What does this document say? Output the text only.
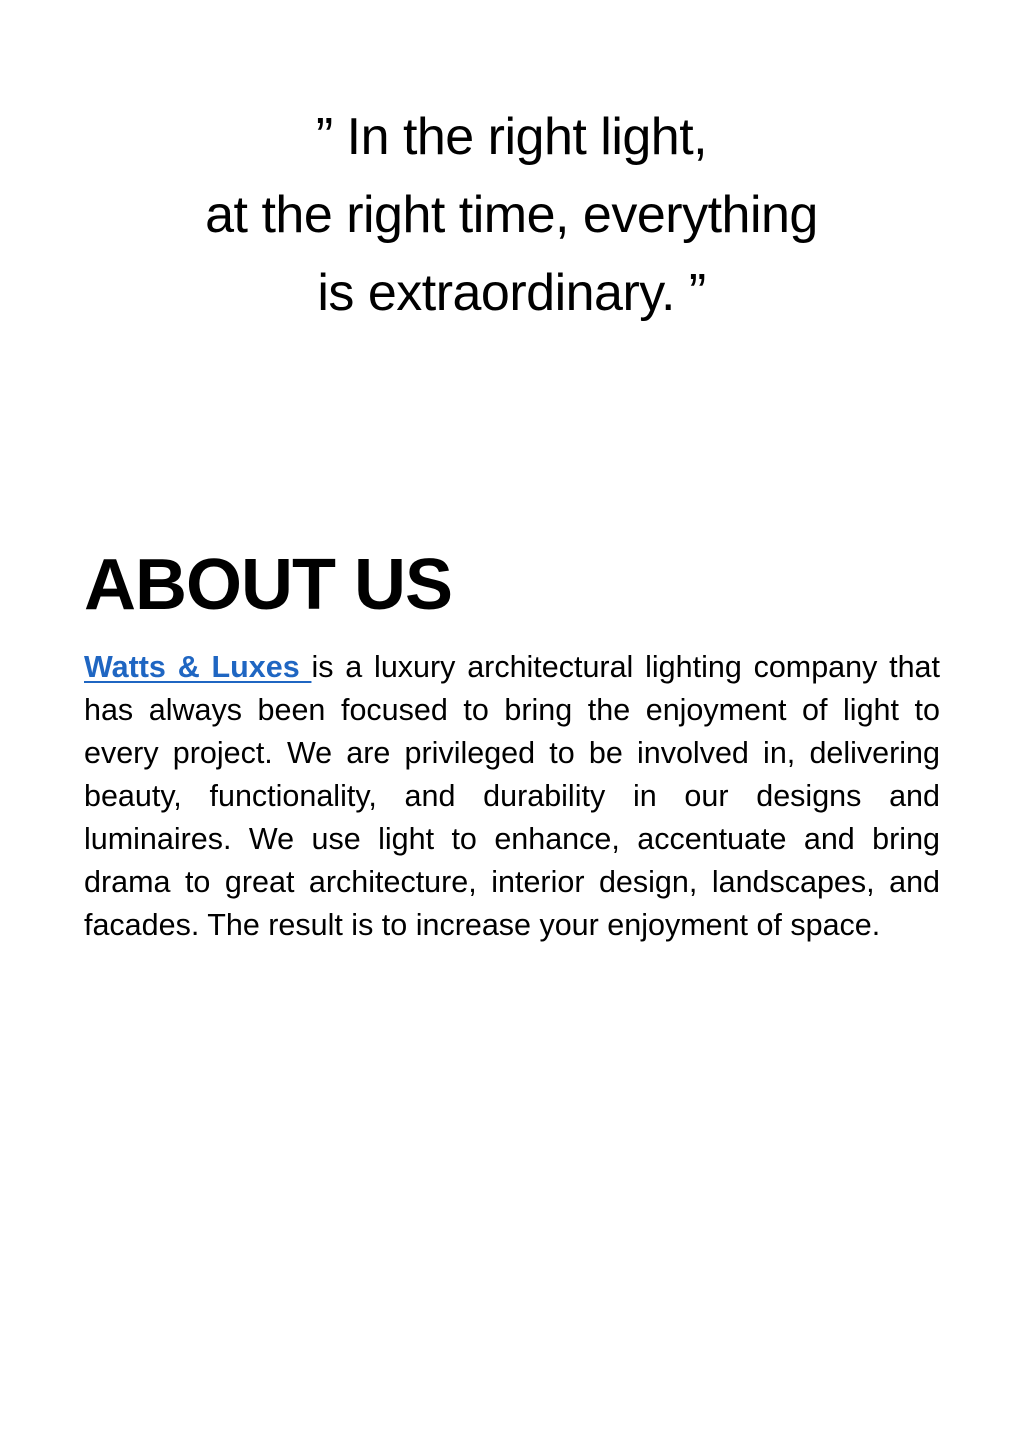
” In the right light,
at the right time, everything
is extraordinary. ”
ABOUT US

Watts & Luxes is a luxury architectural lighting company that has always been focused to bring the enjoyment of light to every project. We are privileged to be involved in, delivering beauty, functionality, and durability in our designs and luminaires. We use light to enhance, accentuate and bring drama to great architecture, interior design, landscapes, and facades. The result is to increase your enjoyment of space.
